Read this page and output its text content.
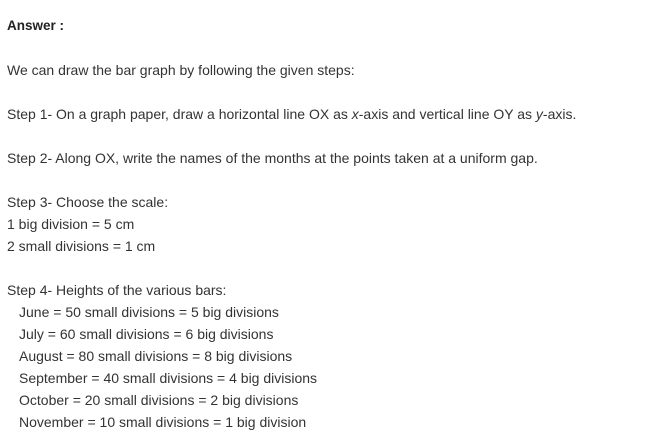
Answer :
We can draw the bar graph by following the given steps:
Step 1- On a graph paper, draw a horizontal line OX as x-axis and vertical line OY as y-axis.
Step 2- Along OX, write the names of the months at the points taken at a uniform gap.
Step 3- Choose the scale:
1 big division = 5 cm
2 small divisions = 1 cm
Step 4- Heights of the various bars:
June = 50 small divisions = 5 big divisions
July = 60 small divisions = 6 big divisions
August = 80 small divisions = 8 big divisions
September = 40 small divisions = 4 big divisions
October = 20 small divisions = 2 big divisions
November = 10 small divisions = 1 big division
